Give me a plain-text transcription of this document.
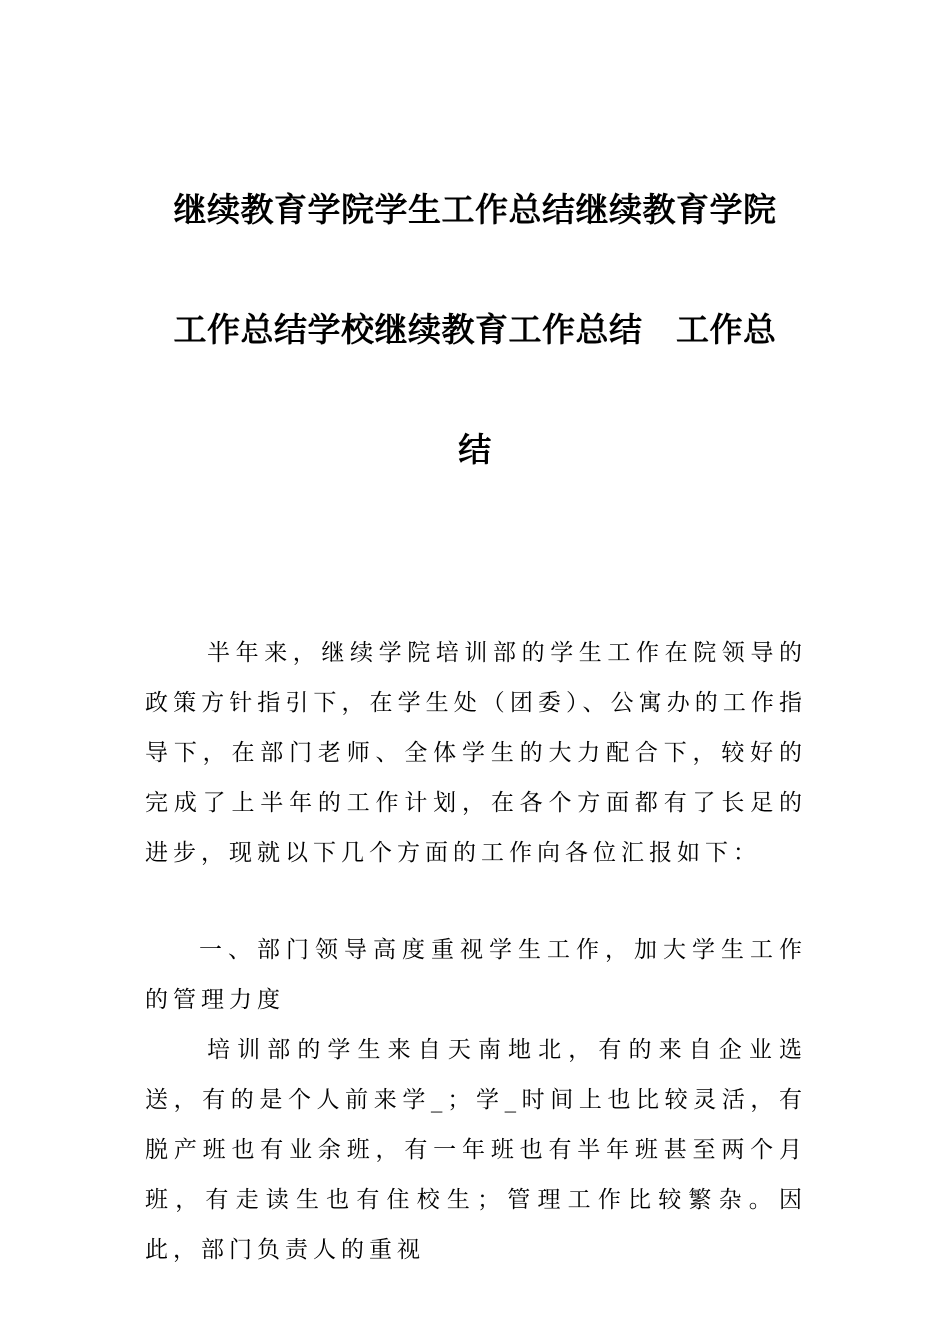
继续教育学院学生工作总结继续教育学院
工作总结学校继续教育工作总结　工作总
结

半年来，继续学院培训部的学生工作在院领导的政策方针指引下，在学生处（团委）、公寓办的工作指导下，在部门老师、全体学生的大力配合下，较好的完成了上半年的工作计划，在各个方面都有了长足的进步，现就以下几个方面的工作向各位汇报如下：

一、部门领导高度重视学生工作，加大学生工作的管理力度

培训部的学生来自天南地北，有的来自企业选送，有的是个人前来学_；学_时间上也比较灵活，有脱产班也有业余班，有一年班也有半年班甚至两个月班，有走读生也有住校生；管理工作比较繁杂。因此，部门负责人的重视
